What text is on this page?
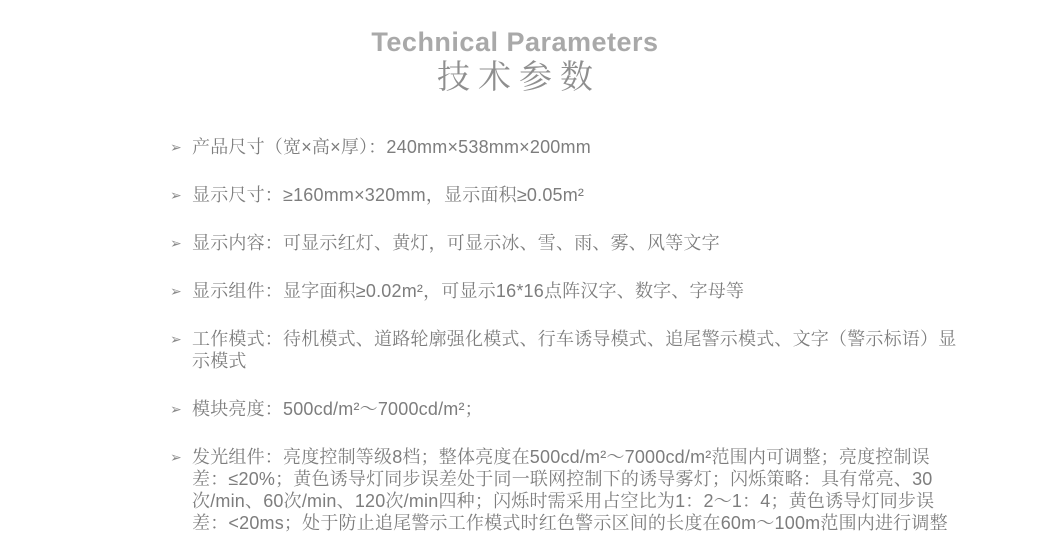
Technical Parameters
技术参数
➢ 产品尺寸（宽×高×厚）：240mm×538mm×200mm
➢ 显示尺寸：≥160mm×320mm，显示面积≥0.05m²
➢ 显示内容：可显示红灯、黄灯，可显示冰、雪、雨、雾、风等文字
➢ 显示组件：显字面积≥0.02m²，可显示16*16点阵汉字、数字、字母等
➢ 工作模式：待机模式、道路轮廓强化模式、行车诱导模式、追尾警示模式、文字（警示标语）显示模式
➢ 模块亮度：500cd/m²～7000cd/m²；
➢ 发光组件：亮度控制等级8档；整体亮度在500cd/m²～7000cd/m²范围内可调整；亮度控制误差：≤20%；黄色诱导灯同步误差处于同一联网控制下的诱导雾灯；闪烁策略：具有常亮、30次/min、60次/min、120次/min四种；闪烁时需采用占空比为1：2～1：4；黄色诱导灯同步误差：<20ms；处于防止追尾警示工作模式时红色警示区间的长度在60m～100m范围内进行调整
